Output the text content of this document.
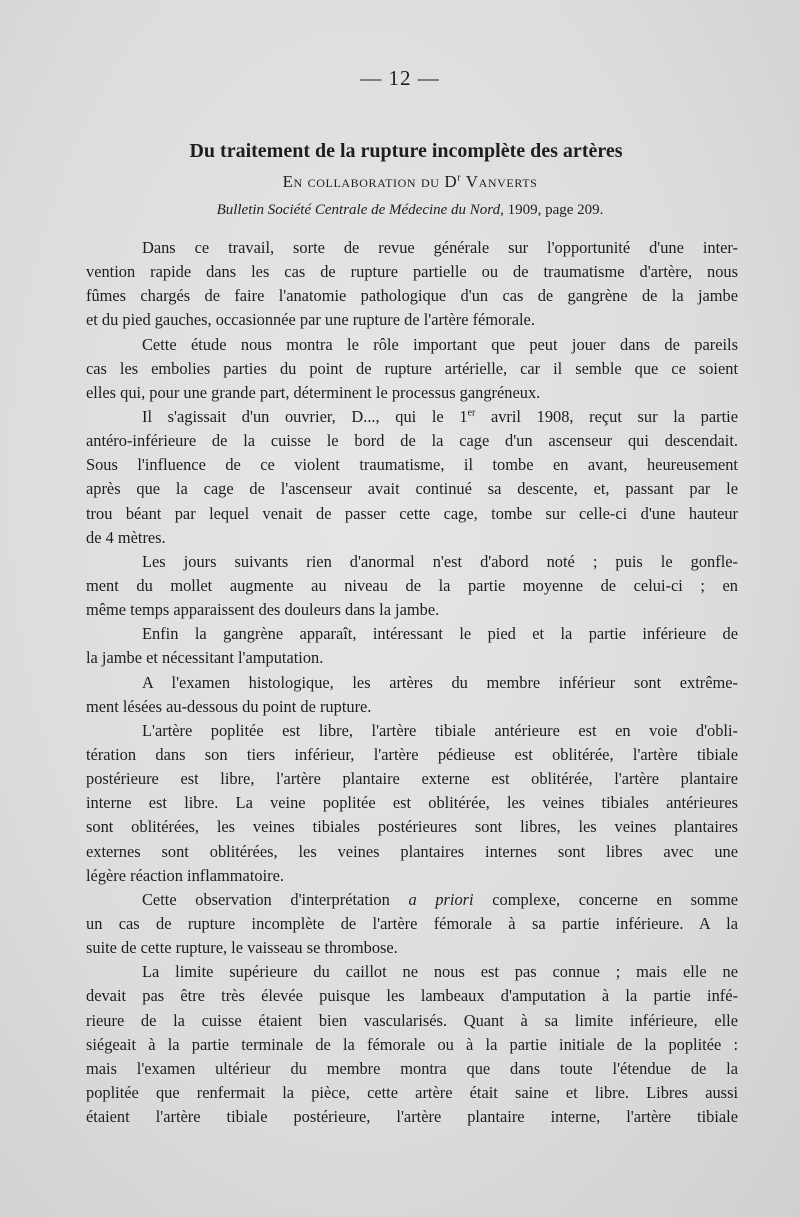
— 12 —
Du traitement de la rupture incomplète des artères
En collaboration du $D^r$ Vanverts
Bulletin Société Centrale de Médecine du Nord, 1909, page 209.
Dans ce travail, sorte de revue générale sur l'opportunité d'une inter-
vention rapide dans les cas de rupture partielle ou de traumatisme d'artère, nous
fûmes chargés de faire l'anatomie pathologique d'un cas de gangrène de la jambe
et du pied gauches, occasionnée par une rupture de l'artère fémorale.
Cette étude nous montra le rôle important que peut jouer dans de pareils
cas les embolies parties du point de rupture artérielle, car il semble que ce soient
elles qui, pour une grande part, déterminent le processus gangréneux.
Il s'agissait d'un ouvrier, D..., qui le 1er avril 1908, reçut sur la partie
antéro-inférieure de la cuisse le bord de la cage d'un ascenseur qui descendait.
Sous l'influence de ce violent traumatisme, il tombe en avant, heureusement
après que la cage de l'ascenseur avait continué sa descente, et, passant par le
trou béant par lequel venait de passer cette cage, tombe sur celle-ci d'une hauteur
de 4 mètres.
Les jours suivants rien d'anormal n'est d'abord noté ; puis le gonfle-
ment du mollet augmente au niveau de la partie moyenne de celui-ci ; en
même temps apparaissent des douleurs dans la jambe.
Enfin la gangrène apparaît, intéressant le pied et la partie inférieure de
la jambe et nécessitant l'amputation.
A l'examen histologique, les artères du membre inférieur sont extrême-
ment lésées au-dessous du point de rupture.
L'artère poplitée est libre, l'artère tibiale antérieure est en voie d'obli-
tération dans son tiers inférieur, l'artère pédieuse est oblitérée, l'artère tibiale
postérieure est libre, l'artère plantaire externe est oblitérée, l'artère plantaire
interne est libre. La veine poplitée est oblitérée, les veines tibiales antérieures
sont oblitérées, les veines tibiales postérieures sont libres, les veines plantaires
externes sont oblitérées, les veines plantaires internes sont libres avec une
légère réaction inflammatoire.
Cette observation d'interprétation a priori complexe, concerne en somme
un cas de rupture incomplète de l'artère fémorale à sa partie inférieure. A la
suite de cette rupture, le vaisseau se thrombose.
La limite supérieure du caillot ne nous est pas connue ; mais elle ne
devait pas être très élevée puisque les lambeaux d'amputation à la partie infé-
rieure de la cuisse étaient bien vascularisés. Quant à sa limite inférieure, elle
siégeait à la partie terminale de la fémorale ou à la partie initiale de la poplitée :
mais l'examen ultérieur du membre montra que dans toute l'étendue de la
poplitée que renfermait la pièce, cette artère était saine et libre. Libres aussi
étaient l'artère tibiale postérieure, l'artère plantaire interne, l'artère tibiale
